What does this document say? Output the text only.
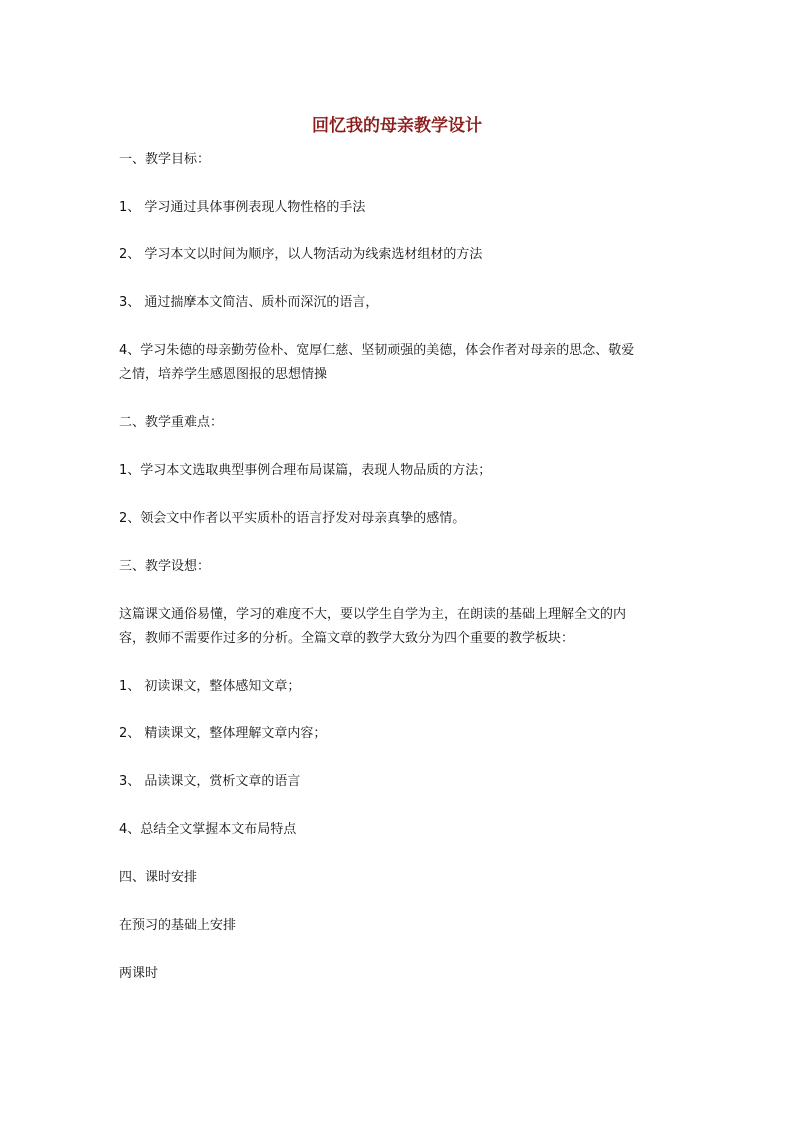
回忆我的母亲教学设计
一、教学目标：
1、 学习通过具体事例表现人物性格的手法
2、 学习本文以时间为顺序，以人物活动为线索选材组材的方法
3、 通过揣摩本文简洁、质朴而深沉的语言，
4、学习朱德的母亲勤劳俭朴、宽厚仁慈、坚韧顽强的美德，体会作者对母亲的思念、敬爱
之情，培养学生感恩图报的思想情操
二、教学重难点：
1、学习本文选取典型事例合理布局谋篇，表现人物品质的方法；
2、领会文中作者以平实质朴的语言抒发对母亲真挚的感情。
三、教学设想：
这篇课文通俗易懂，学习的难度不大，要以学生自学为主，在朗读的基础上理解全文的内
容，教师不需要作过多的分析。全篇文章的教学大致分为四个重要的教学板块：
1、 初读课文，整体感知文章；
2、 精读课文，整体理解文章内容；
3、 品读课文，赏析文章的语言
4、总结全文掌握本文布局特点
四、课时安排
在预习的基础上安排
两课时
